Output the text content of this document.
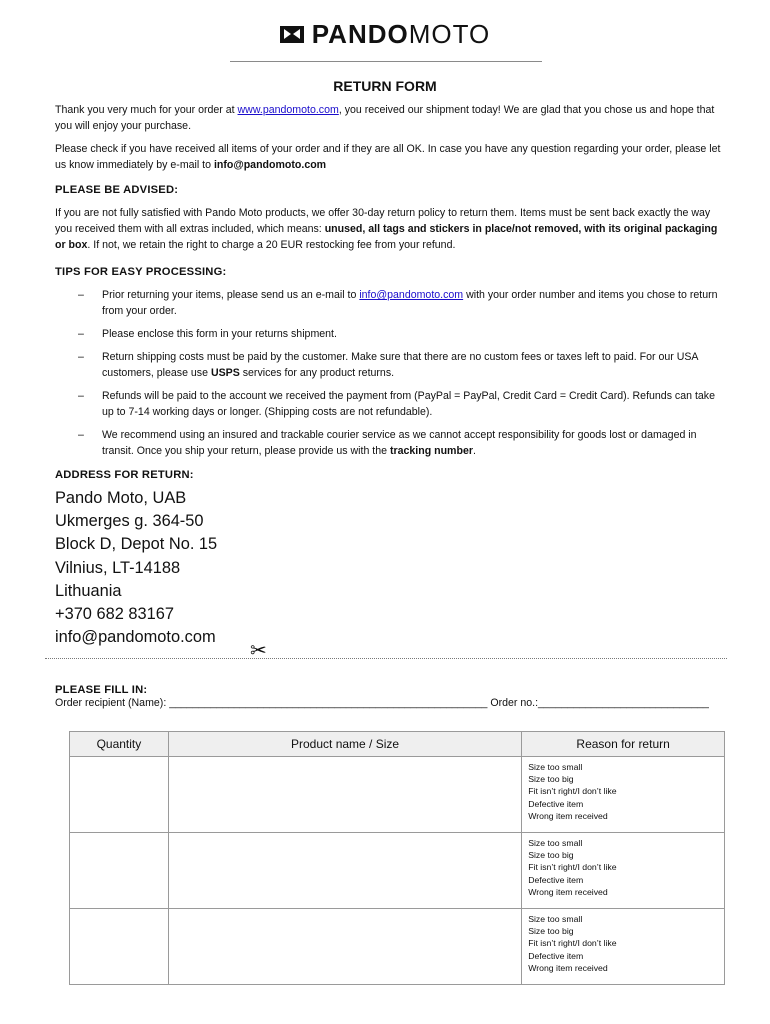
PANDOMOTO
RETURN FORM
Thank you very much for your order at www.pandomoto.com, you received our shipment today! We are glad that you chose us and hope that you will enjoy your purchase.
Please check if you have received all items of your order and if they are all OK. In case you have any question regarding your order, please let us know immediately by e-mail to info@pandomoto.com
PLEASE BE ADVISED:
If you are not fully satisfied with Pando Moto products, we offer 30-day return policy to return them. Items must be sent back exactly the way you received them with all extras included, which means: unused, all tags and stickers in place/not removed, with its original packaging or box. If not, we retain the right to charge a 20 EUR restocking fee from your refund.
TIPS FOR EASY PROCESSING:
– Prior returning your items, please send us an e-mail to info@pandomoto.com with your order number and items you chose to return from your order.
– Please enclose this form in your returns shipment.
– Return shipping costs must be paid by the customer. Make sure that there are no custom fees or taxes left to paid. For our USA customers, please use USPS services for any product returns.
– Refunds will be paid to the account we received the payment from (PayPal = PayPal, Credit Card = Credit Card). Refunds can take up to 7-14 working days or longer. (Shipping costs are not refundable).
– We recommend using an insured and trackable courier service as we cannot accept responsibility for goods lost or damaged in transit. Once you ship your return, please provide us with the tracking number.
ADDRESS FOR RETURN:
Pando Moto, UAB
Ukmerges g. 364-50
Block D, Depot No. 15
Vilnius, LT-14188
Lithuania
+370 682 83167
info@pandomoto.com
✂
PLEASE FILL IN:
Order recipient (Name): ______________________________________________________ Order no.:_____________________________
Quantity	Product name / Size	Reason for return

		Size too small
Size too big
Fit isn’t right/I don’t like
Defective item
Wrong item received

		Size too small
Size too big
Fit isn’t right/I don’t like
Defective item
Wrong item received

		Size too small
Size too big
Fit isn’t right/I don’t like
Defective item
Wrong item received
